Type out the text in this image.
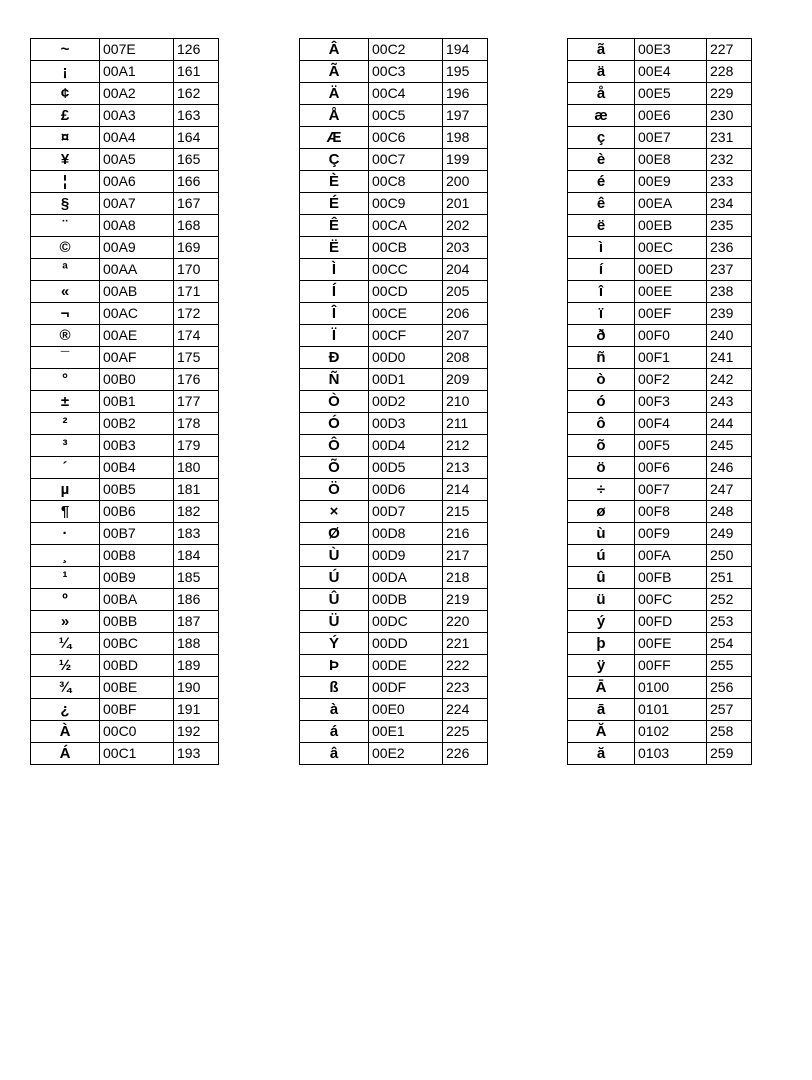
~	007E	126
¡	00A1	161
¢	00A2	162
£	00A3	163
¤	00A4	164
¥	00A5	165
¦	00A6	166
§	00A7	167
¨	00A8	168
©	00A9	169
ª	00AA	170
«	00AB	171
¬	00AC	172
®	00AE	174
¯	00AF	175
°	00B0	176
±	00B1	177
²	00B2	178
³	00B3	179
´	00B4	180
µ	00B5	181
¶	00B6	182
·	00B7	183
¸	00B8	184
¹	00B9	185
º	00BA	186
»	00BB	187
¼	00BC	188
½	00BD	189
¾	00BE	190
¿	00BF	191
À	00C0	192
Á	00C1	193
Â	00C2	194
Ã	00C3	195
Ä	00C4	196
Å	00C5	197
Æ	00C6	198
Ç	00C7	199
È	00C8	200
É	00C9	201
Ê	00CA	202
Ë	00CB	203
Ì	00CC	204
Í	00CD	205
Î	00CE	206
Ï	00CF	207
Ð	00D0	208
Ñ	00D1	209
Ò	00D2	210
Ó	00D3	211
Ô	00D4	212
Õ	00D5	213
Ö	00D6	214
×	00D7	215
Ø	00D8	216
Ù	00D9	217
Ú	00DA	218
Û	00DB	219
Ü	00DC	220
Ý	00DD	221
Þ	00DE	222
ß	00DF	223
à	00E0	224
á	00E1	225
â	00E2	226
ã	00E3	227
ä	00E4	228
å	00E5	229
æ	00E6	230
ç	00E7	231
è	00E8	232
é	00E9	233
ê	00EA	234
ë	00EB	235
ì	00EC	236
í	00ED	237
î	00EE	238
ï	00EF	239
ð	00F0	240
ñ	00F1	241
ò	00F2	242
ó	00F3	243
ô	00F4	244
õ	00F5	245
ö	00F6	246
÷	00F7	247
ø	00F8	248
ù	00F9	249
ú	00FA	250
û	00FB	251
ü	00FC	252
ý	00FD	253
þ	00FE	254
ÿ	00FF	255
Ā	0100	256
ā	0101	257
Ă	0102	258
ă	0103	259
